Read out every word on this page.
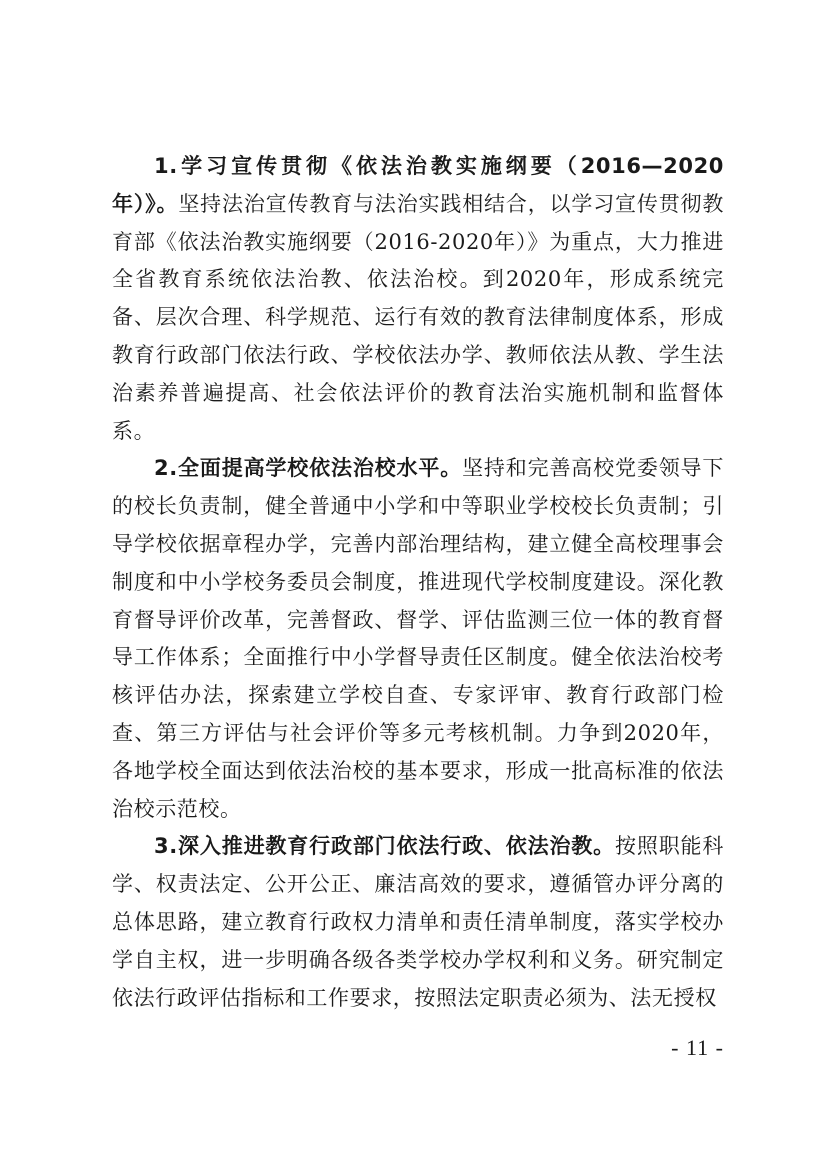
1.学习宣传贯彻《依法治教实施纲要（2016—2020年）》。坚持法治宣传教育与法治实践相结合，以学习宣传贯彻教育部《依法治教实施纲要（2016-2020年）》为重点，大力推进全省教育系统依法治教、依法治校。到2020年，形成系统完备、层次合理、科学规范、运行有效的教育法律制度体系，形成教育行政部门依法行政、学校依法办学、教师依法从教、学生法治素养普遍提高、社会依法评价的教育法治实施机制和监督体系。

2.全面提高学校依法治校水平。坚持和完善高校党委领导下的校长负责制，健全普通中小学和中等职业学校校长负责制；引导学校依据章程办学，完善内部治理结构，建立健全高校理事会制度和中小学校务委员会制度，推进现代学校制度建设。深化教育督导评价改革，完善督政、督学、评估监测三位一体的教育督导工作体系；全面推行中小学督导责任区制度。健全依法治校考核评估办法，探索建立学校自查、专家评审、教育行政部门检查、第三方评估与社会评价等多元考核机制。力争到2020年，各地学校全面达到依法治校的基本要求，形成一批高标准的依法治校示范校。

3.深入推进教育行政部门依法行政、依法治教。按照职能科学、权责法定、公开公正、廉洁高效的要求，遵循管办评分离的总体思路，建立教育行政权力清单和责任清单制度，落实学校办学自主权，进一步明确各级各类学校办学权利和义务。研究制定依法行政评估指标和工作要求，按照法定职责必须为、法无授权

- 11 -
